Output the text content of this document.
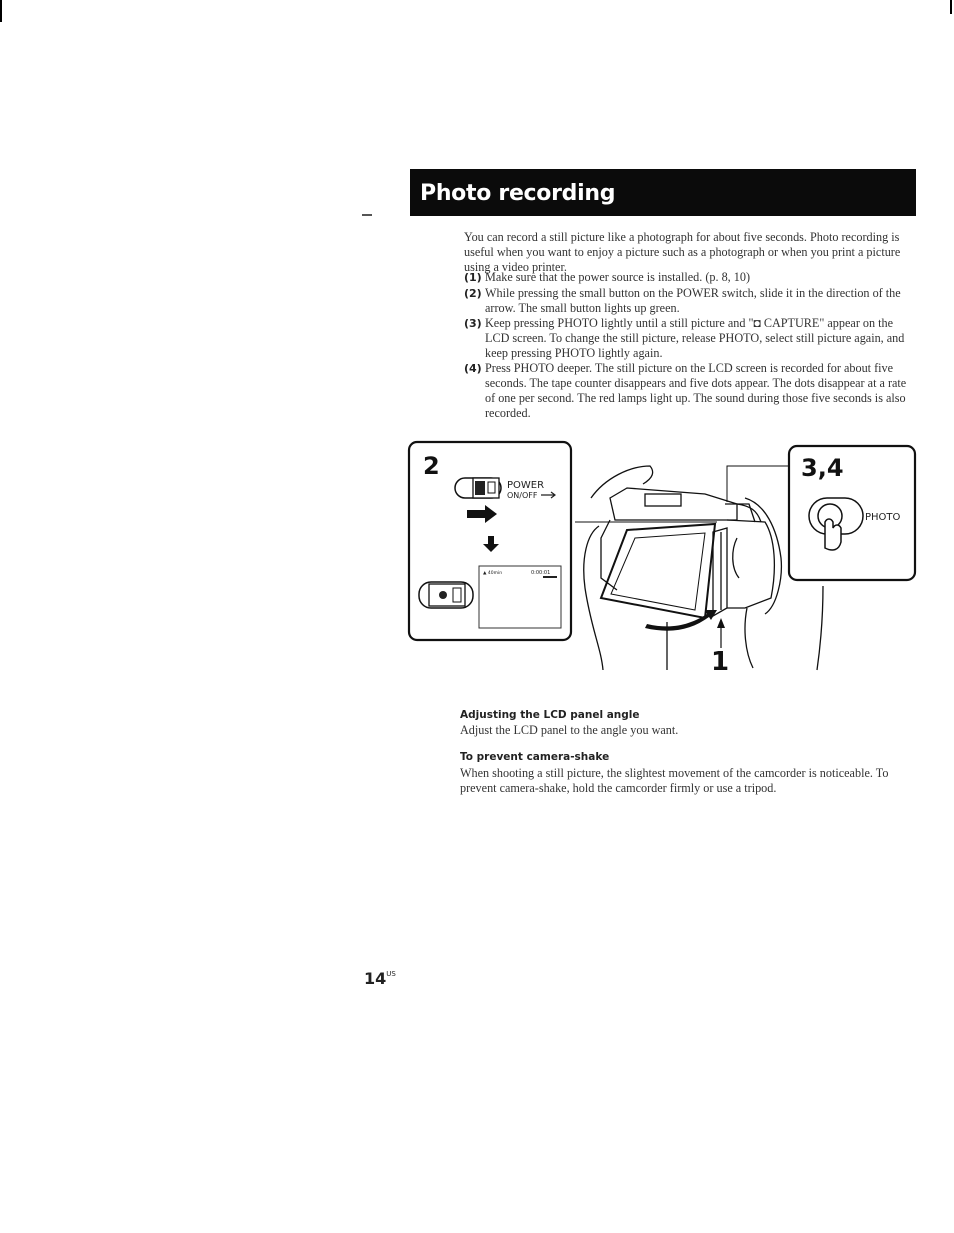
Photo recording
You can record a still picture like a photograph for about five seconds. Photo recording is useful when you want to enjoy a picture such as a photograph or when you print a picture using a video printer.
(1) Make sure that the power source is installed. (p. 8, 10)
(2) While pressing the small button on the POWER switch, slide it in the direction of the arrow. The small button lights up green.
(3) Keep pressing PHOTO lightly until a still picture and "◘ CAPTURE" appear on the LCD screen. To change the still picture, release PHOTO, select still picture again, and keep pressing PHOTO lightly again.
(4) Press PHOTO deeper. The still picture on the LCD screen is recorded for about five seconds. The tape counter disappears and five dots appear. The dots disappear at a rate of one per second. The red lamps light up. The sound during those five seconds is also recorded.
2
POWER
ON/OFF
▲ 40min	0:00:01
1
3,4
PHOTO
Adjusting the LCD panel angle
Adjust the LCD panel to the angle you want.
To prevent camera-shake
When shooting a still picture, the slightest movement of the camcorder is noticeable. To prevent camera-shake, hold the camcorder firmly or use a tripod.
$14^{US}$
